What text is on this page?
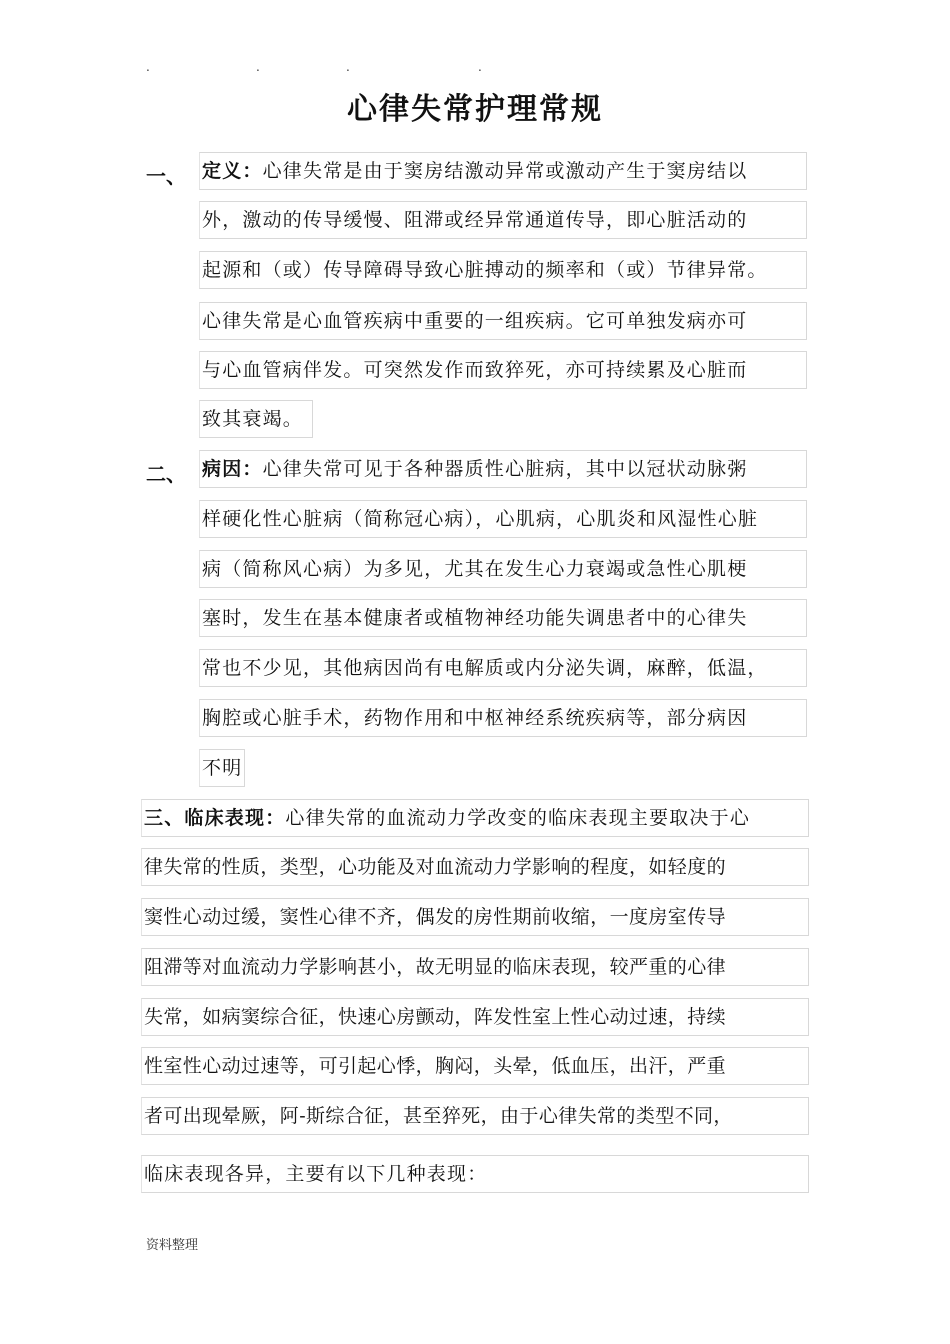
.	.	.	.
心律失常护理常规
一、 定义：心律失常是由于窦房结激动异常或激动产生于窦房结以
外，激动的传导缓慢、阻滞或经异常通道传导，即心脏活动的
起源和（或）传导障碍导致心脏搏动的频率和（或）节律异常。
心律失常是心血管疾病中重要的一组疾病。它可单独发病亦可
与心血管病伴发。可突然发作而致猝死，亦可持续累及心脏而
致其衰竭。
二、 病因：心律失常可见于各种器质性心脏病，其中以冠状动脉粥
样硬化性心脏病（简称冠心病），心肌病，心肌炎和风湿性心脏
病（简称风心病）为多见，尤其在发生心力衰竭或急性心肌梗
塞时，发生在基本健康者或植物神经功能失调患者中的心律失
常也不少见，其他病因尚有电解质或内分泌失调，麻醉，低温，
胸腔或心脏手术，药物作用和中枢神经系统疾病等，部分病因
不明
三、临床表现：心律失常的血流动力学改变的临床表现主要取决于心
律失常的性质，类型，心功能及对血流动力学影响的程度，如轻度的
窦性心动过缓，窦性心律不齐，偶发的房性期前收缩，一度房室传导
阻滞等对血流动力学影响甚小，故无明显的临床表现，较严重的心律
失常，如病窦综合征，快速心房颤动，阵发性室上性心动过速，持续
性室性心动过速等，可引起心悸，胸闷，头晕，低血压，出汗，严重
者可出现晕厥，阿-斯综合征，甚至猝死，由于心律失常的类型不同，
临床表现各异，主要有以下几种表现：
资料整理
